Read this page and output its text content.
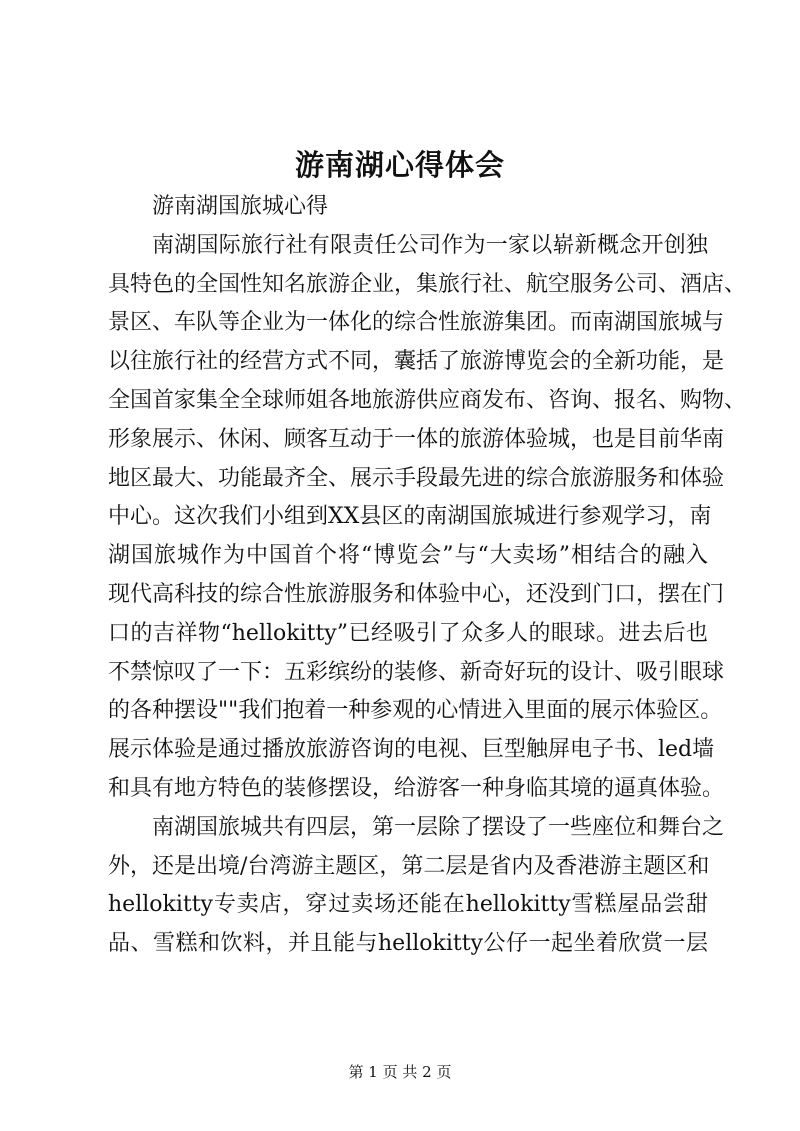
游南湖心得体会
游南湖国旅城心得
南湖国际旅行社有限责任公司作为一家以崭新概念开创独
具特色的全国性知名旅游企业，集旅行社、航空服务公司、酒店、
景区、车队等企业为一体化的综合性旅游集团。而南湖国旅城与
以往旅行社的经营方式不同，囊括了旅游博览会的全新功能，是
全国首家集全全球师姐各地旅游供应商发布、咨询、报名、购物、
形象展示、休闲、顾客互动于一体的旅游体验城，也是目前华南
地区最大、功能最齐全、展示手段最先进的综合旅游服务和体验
中心。这次我们小组到XX县区的南湖国旅城进行参观学习，南
湖国旅城作为中国首个将“博览会”与“大卖场”相结合的融入
现代高科技的综合性旅游服务和体验中心，还没到门口，摆在门
口的吉祥物“hellokitty”已经吸引了众多人的眼球。进去后也
不禁惊叹了一下：五彩缤纷的装修、新奇好玩的设计、吸引眼球
的各种摆设""我们抱着一种参观的心情进入里面的展示体验区。
展示体验是通过播放旅游咨询的电视、巨型触屏电子书、led墙
和具有地方特色的装修摆设，给游客一种身临其境的逼真体验。
南湖国旅城共有四层，第一层除了摆设了一些座位和舞台之
外，还是出境/台湾游主题区，第二层是省内及香港游主题区和
hellokitty专卖店，穿过卖场还能在hellokitty雪糕屋品尝甜
品、雪糕和饮料，并且能与hellokitty公仔一起坐着欣赏一层
第 1 页 共 2 页
